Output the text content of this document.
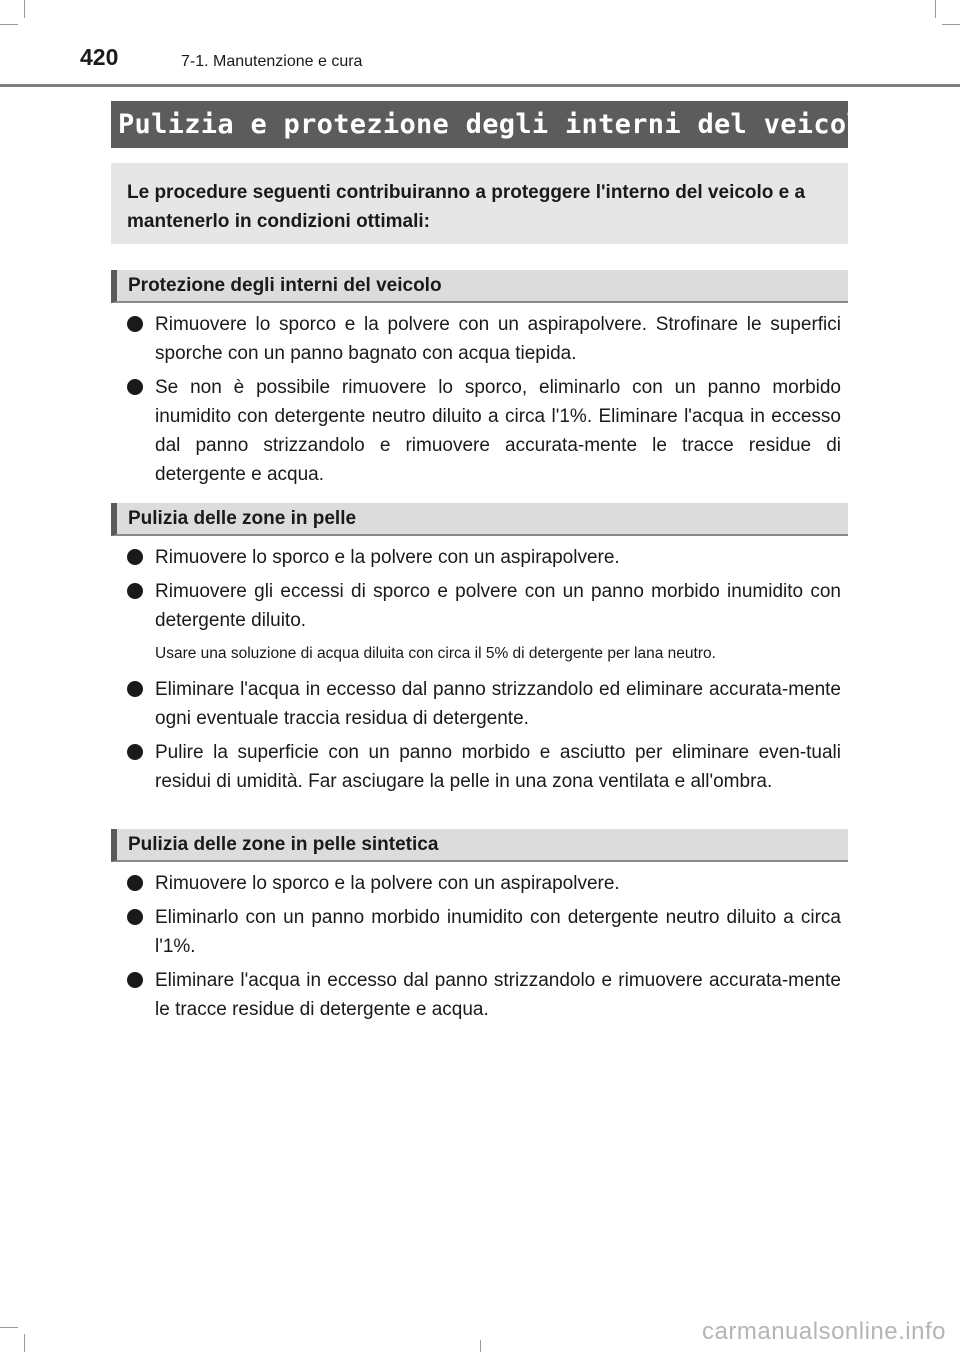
420	7-1. Manutenzione e cura
Pulizia e protezione degli interni del veicolo
Le procedure seguenti contribuiranno a proteggere l'interno del veicolo e a mantenerlo in condizioni ottimali:
Protezione degli interni del veicolo
Rimuovere lo sporco e la polvere con un aspirapolvere. Strofinare le superfici sporche con un panno bagnato con acqua tiepida.
Se non è possibile rimuovere lo sporco, eliminarlo con un panno morbido inumidito con detergente neutro diluito a circa l'1%. Eliminare l'acqua in eccesso dal panno strizzandolo e rimuovere accurata-mente le tracce residue di detergente e acqua.
Pulizia delle zone in pelle
Rimuovere lo sporco e la polvere con un aspirapolvere.
Rimuovere gli eccessi di sporco e polvere con un panno morbido inumidito con detergente diluito.
Usare una soluzione di acqua diluita con circa il 5% di detergente per lana neutro.
Eliminare l'acqua in eccesso dal panno strizzandolo ed eliminare accurata-mente ogni eventuale traccia residua di detergente.
Pulire la superficie con un panno morbido e asciutto per eliminare even-tuali residui di umidità. Far asciugare la pelle in una zona ventilata e all'ombra.
Pulizia delle zone in pelle sintetica
Rimuovere lo sporco e la polvere con un aspirapolvere.
Eliminarlo con un panno morbido inumidito con detergente neutro diluito a circa l'1%.
Eliminare l'acqua in eccesso dal panno strizzandolo e rimuovere accurata-mente le tracce residue di detergente e acqua.
carmanualsonline.info
